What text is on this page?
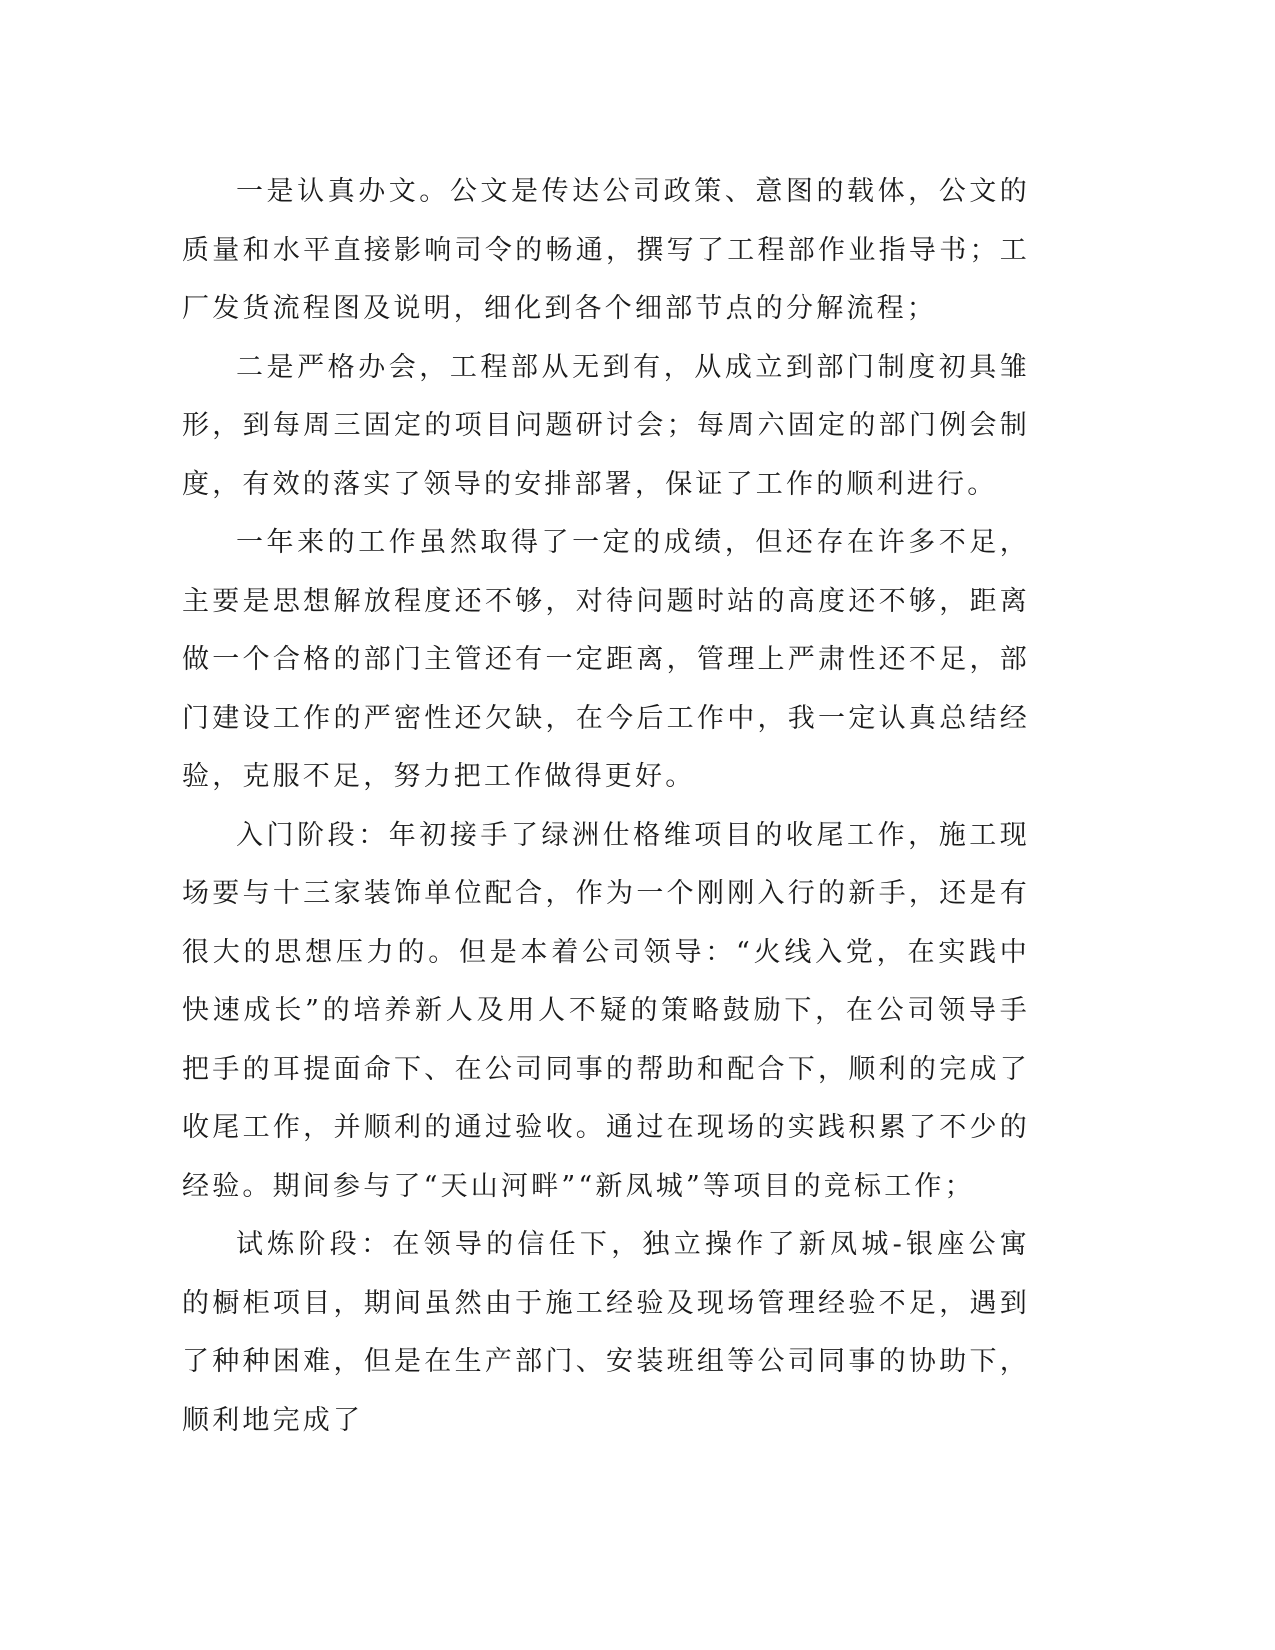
一是认真办文。公文是传达公司政策、意图的载体，公文的质量和水平直接影响司令的畅通，撰写了工程部作业指导书；工厂发货流程图及说明，细化到各个细部节点的分解流程；

二是严格办会，工程部从无到有，从成立到部门制度初具雏形，到每周三固定的项目问题研讨会；每周六固定的部门例会制度，有效的落实了领导的安排部署，保证了工作的顺利进行。

一年来的工作虽然取得了一定的成绩，但还存在许多不足，主要是思想解放程度还不够，对待问题时站的高度还不够，距离做一个合格的部门主管还有一定距离，管理上严肃性还不足，部门建设工作的严密性还欠缺，在今后工作中，我一定认真总结经验，克服不足，努力把工作做得更好。

入门阶段：年初接手了绿洲仕格维项目的收尾工作，施工现场要与十三家装饰单位配合，作为一个刚刚入行的新手，还是有很大的思想压力的。但是本着公司领导：“火线入党，在实践中快速成长”的培养新人及用人不疑的策略鼓励下，在公司领导手把手的耳提面命下、在公司同事的帮助和配合下，顺利的完成了收尾工作，并顺利的通过验收。通过在现场的实践积累了不少的经验。期间参与了“天山河畔”“新凤城”等项目的竞标工作；

试炼阶段：在领导的信任下，独立操作了新凤城-银座公寓的橱柜项目，期间虽然由于施工经验及现场管理经验不足，遇到了种种困难，但是在生产部门、安装班组等公司同事的协助下，顺利地完成了
